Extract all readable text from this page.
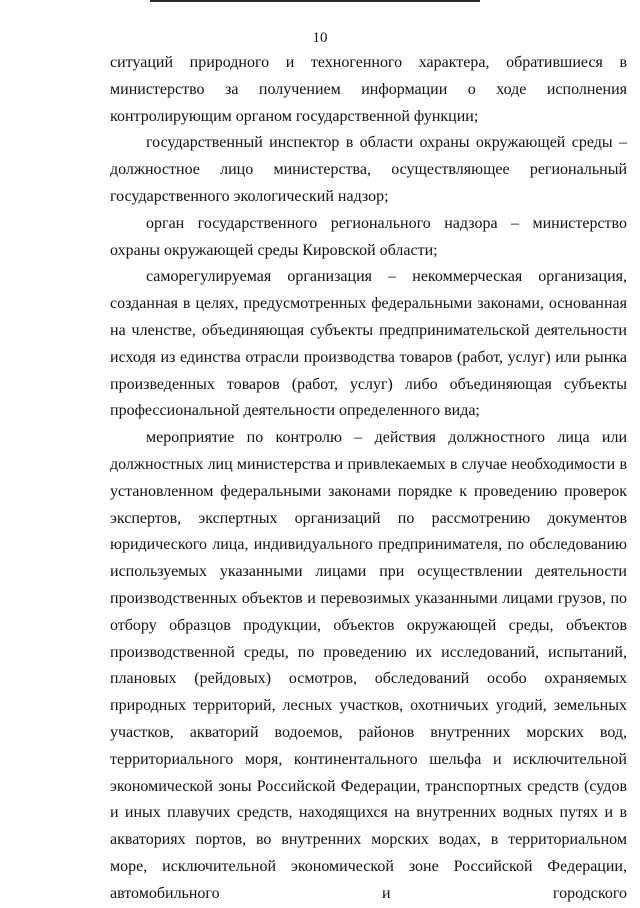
10

ситуаций природного и техногенного характера, обратившиеся в министерство за получением информации о ходе исполнения контролирующим органом государственной функции;

государственный инспектор в области охраны окружающей среды – должностное лицо министерства, осуществляющее региональный государственного экологический надзор;

орган государственного регионального надзора – министерство охраны окружающей среды Кировской области;

саморегулируемая организация – некоммерческая организация, созданная в целях, предусмотренных федеральными законами, основанная на членстве, объединяющая субъекты предпринимательской деятельности исходя из единства отрасли производства товаров (работ, услуг) или рынка произведенных товаров (работ, услуг) либо объединяющая субъекты профессиональной деятельности определенного вида;

мероприятие по контролю – действия должностного лица или должностных лиц министерства и привлекаемых в случае необходимости в установленном федеральными законами порядке к проведению проверок экспертов, экспертных организаций по рассмотрению документов юридического лица, индивидуального предпринимателя, по обследованию используемых указанными лицами при осуществлении деятельности производственных объектов и перевозимых указанными лицами грузов, по отбору образцов продукции, объектов окружающей среды, объектов производственной среды, по проведению их исследований, испытаний, плановых (рейдовых) осмотров, обследований особо охраняемых природных территорий, лесных участков, охотничьих угодий, земельных участков, акваторий водоемов, районов внутренних морских вод, территориального моря, континентального шельфа и исключительной экономической зоны Российской Федерации, транспортных средств (судов и иных плавучих средств, находящихся на внутренних водных путях и в акваториях портов, во внутренних морских водах, в территориальном море, исключительной экономической зоне Российской Федерации, автомобильного и городского
